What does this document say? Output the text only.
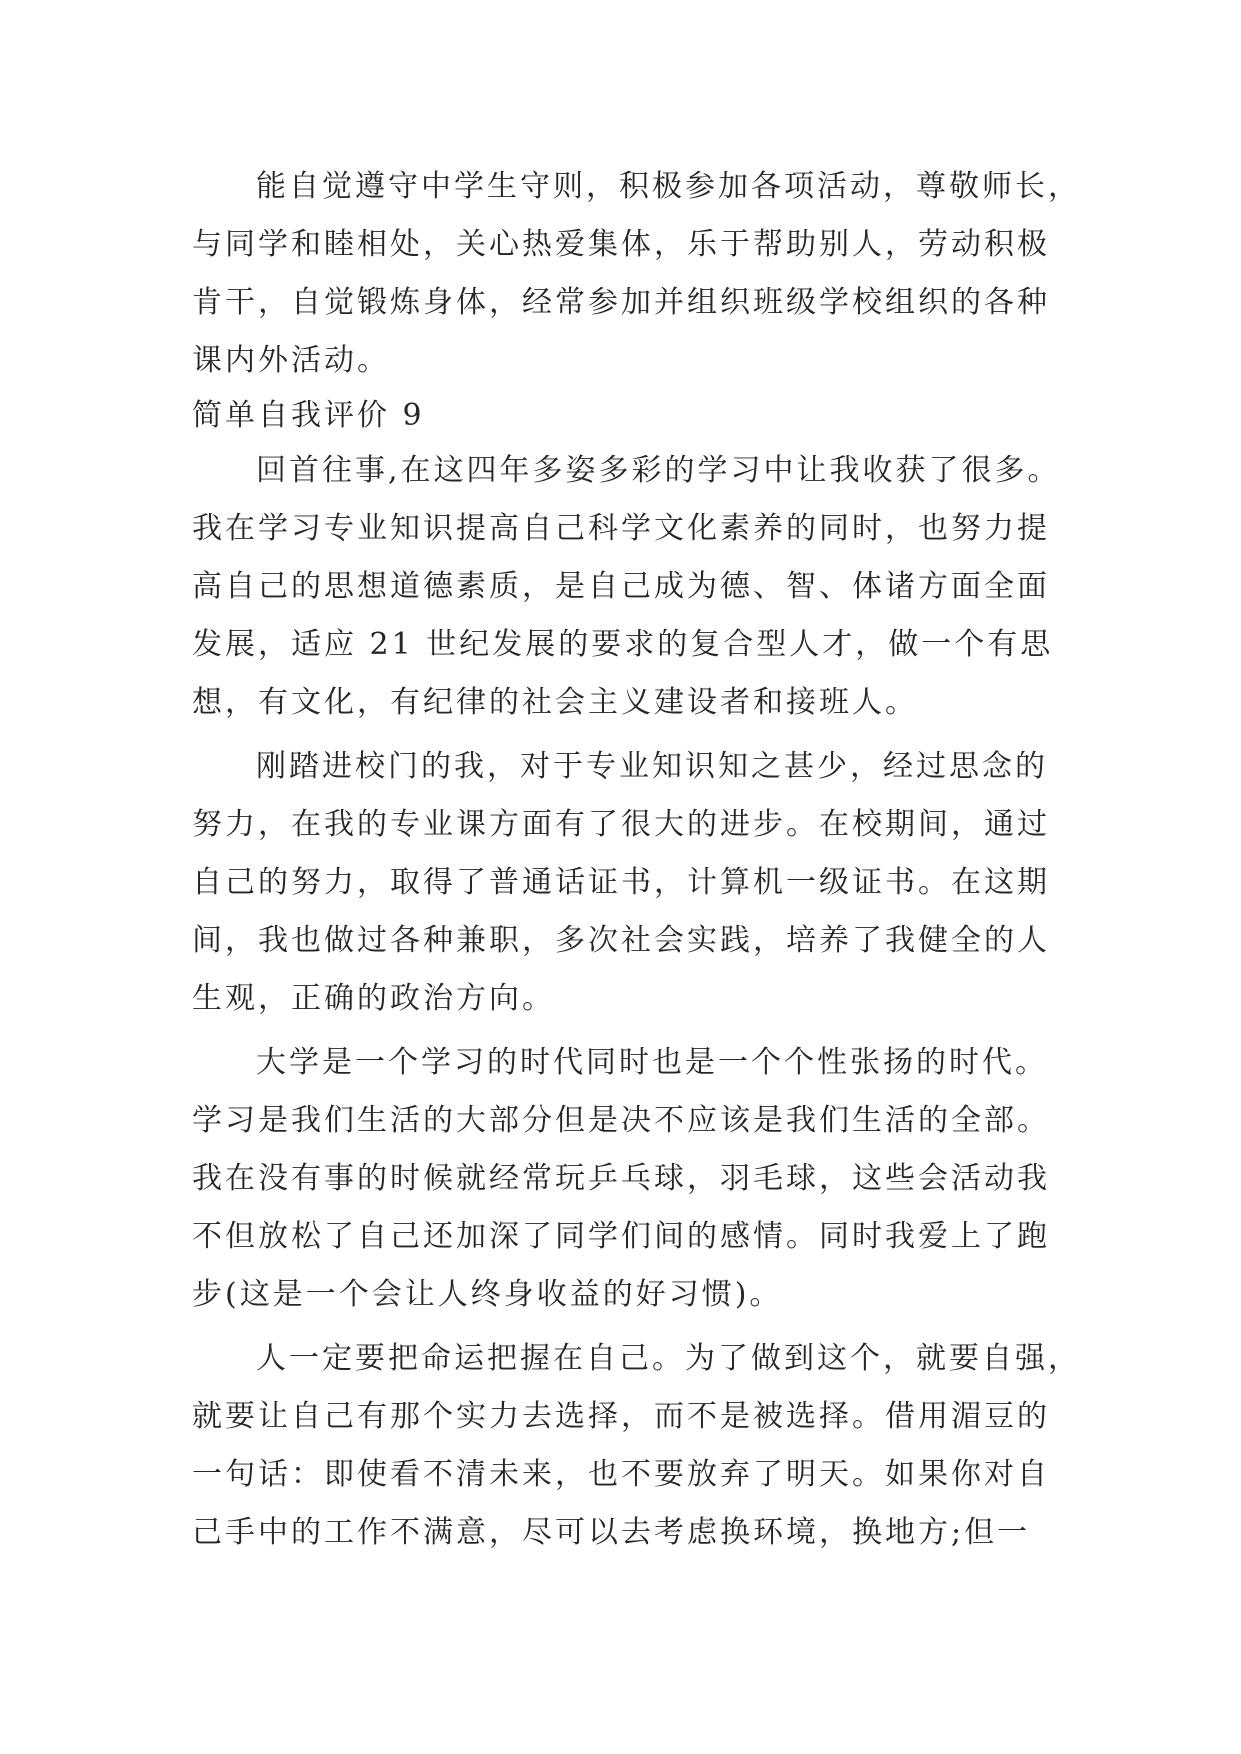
能自觉遵守中学生守则，积极参加各项活动，尊敬师长，
与同学和睦相处，关心热爱集体，乐于帮助别人，劳动积极
肯干，自觉锻炼身体，经常参加并组织班级学校组织的各种
课内外活动。
简单自我评价 9
回首往事,在这四年多姿多彩的学习中让我收获了很多。
我在学习专业知识提高自己科学文化素养的同时，也努力提
高自己的思想道德素质，是自己成为德、智、体诸方面全面
发展，适应 21 世纪发展的要求的复合型人才，做一个有思
想，有文化，有纪律的社会主义建设者和接班人。
刚踏进校门的我，对于专业知识知之甚少，经过思念的
努力，在我的专业课方面有了很大的进步。在校期间，通过
自己的努力，取得了普通话证书，计算机一级证书。在这期
间，我也做过各种兼职，多次社会实践，培养了我健全的人
生观，正确的政治方向。
大学是一个学习的时代同时也是一个个性张扬的时代。
学习是我们生活的大部分但是决不应该是我们生活的全部。
我在没有事的时候就经常玩乒乓球，羽毛球，这些会活动我
不但放松了自己还加深了同学们间的感情。同时我爱上了跑
步(这是一个会让人终身收益的好习惯)。
人一定要把命运把握在自己。为了做到这个，就要自强，
就要让自己有那个实力去选择，而不是被选择。借用湄豆的
一句话：即使看不清未来，也不要放弃了明天。如果你对自
己手中的工作不满意，尽可以去考虑换环境，换地方;但一
